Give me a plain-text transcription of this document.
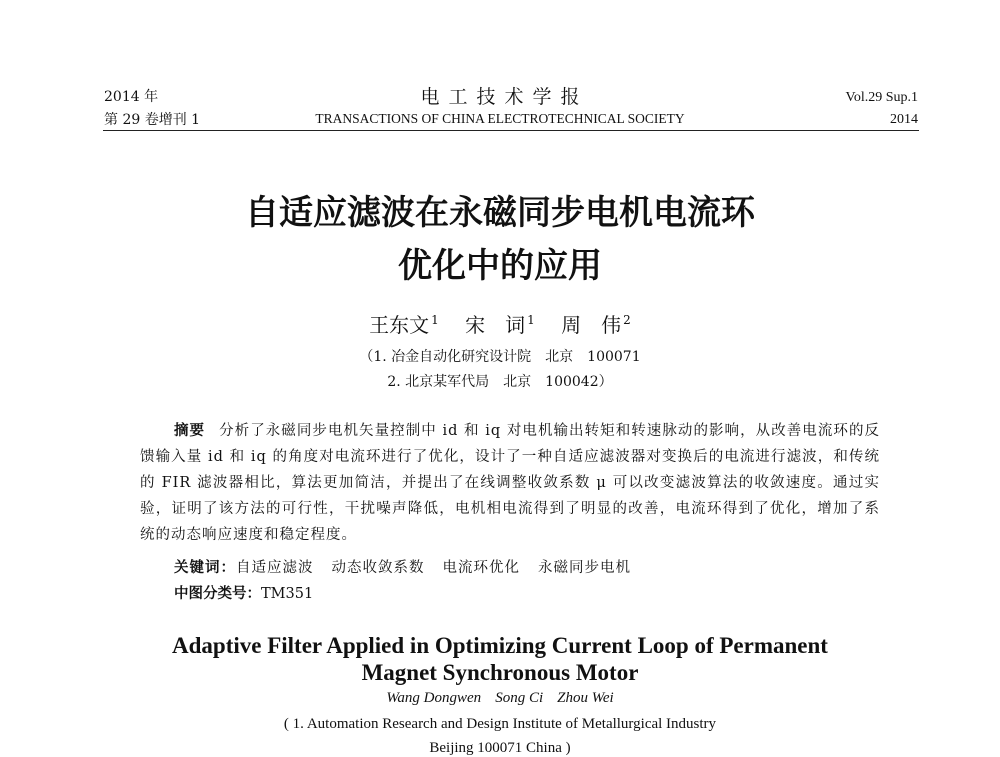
2014 年
第 29 卷增刊 1
电工技术学报
TRANSACTIONS OF CHINA ELECTROTECHNICAL SOCIETY
Vol.29 Sup.1
2014
自适应滤波在永磁同步电机电流环
优化中的应用
王东文 $^1$ 宋　词 $^1$ 周　伟 $^2$
（1. 冶金自动化研究设计院　北京　100071
2. 北京某军代局　北京　100042）
摘要 分析了永磁同步电机矢量控制中 id 和 iq 对电机输出转矩和转速脉动的影响，从改善电流环的反馈输入量 id 和 iq 的角度对电流环进行了优化，设计了一种自适应滤波器对变换后的电流进行滤波，和传统的 FIR 滤波器相比，算法更加简洁，并提出了在线调整收敛系数 μ 可以改变滤波算法的收敛速度。通过实验，证明了该方法的可行性，干扰噪声降低，电机相电流得到了明显的改善，电流环得到了优化，增加了系统的动态响应速度和稳定程度。
关键词：自适应滤波 动态收敛系数 电流环优化 永磁同步电机
中图分类号：TM351
Adaptive Filter Applied in Optimizing Current Loop of Permanent
Magnet Synchronous Motor
Wang Dongwen Song Ci Zhou Wei
( 1. Automation Research and Design Institute of Metallurgical Industry
Beijing 100071 China )
